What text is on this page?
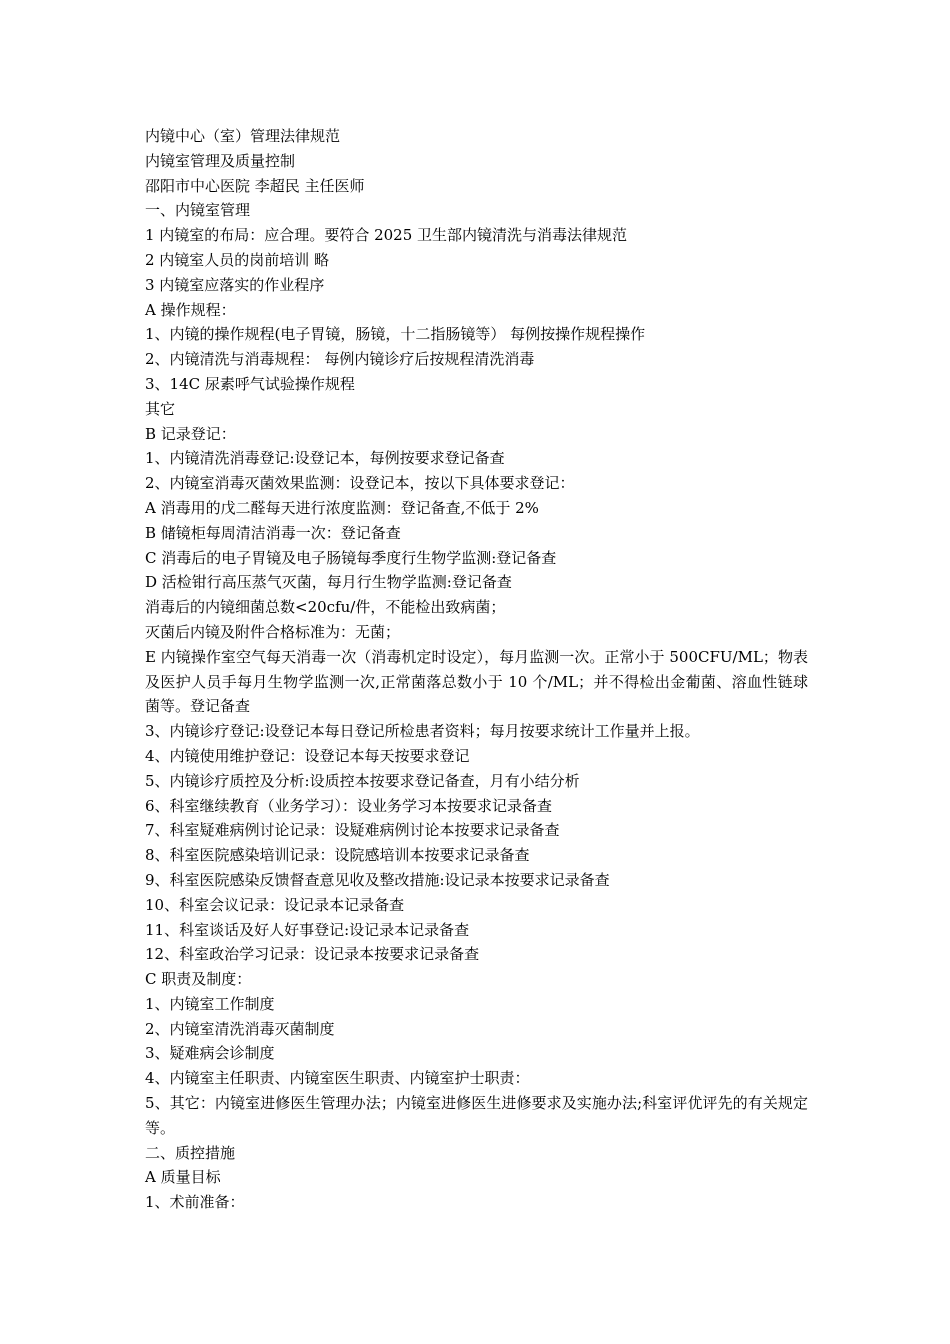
内镜中心（室）管理法律规范

内镜室管理及质量控制

邵阳市中心医院 李超民 主任医师

一、内镜室管理

1 内镜室的布局：应合理。要符合 2025 卫生部内镜清洗与消毒法律规范

2 内镜室人员的岗前培训 略

3 内镜室应落实的作业程序

A 操作规程：

1、内镜的操作规程(电子胃镜，肠镜，十二指肠镜等） 每例按操作规程操作

2、内镜清洗与消毒规程： 每例内镜诊疗后按规程清洗消毒

3、14C 尿素呼气试验操作规程

其它

B 记录登记：

1、内镜清洗消毒登记:设登记本，每例按要求登记备查

2、内镜室消毒灭菌效果监测：设登记本，按以下具体要求登记：

A 消毒用的戊二醛每天进行浓度监测：登记备查,不低于 2%

B 储镜柜每周清洁消毒一次：登记备查

C 消毒后的电子胃镜及电子肠镜每季度行生物学监测:登记备查

D 活检钳行高压蒸气灭菌，每月行生物学监测:登记备查

消毒后的内镜细菌总数<20cfu/件，不能检出致病菌；

灭菌后内镜及附件合格标准为：无菌；

E 内镜操作室空气每天消毒一次（消毒机定时设定），每月监测一次。正常小于 500CFU/ML；物表及医护人员手每月生物学监测一次,正常菌落总数小于 10 个/ML；并不得检出金葡菌、溶血性链球菌等。登记备查

3、内镜诊疗登记:设登记本每日登记所检患者资料；每月按要求统计工作量并上报。

4、内镜使用维护登记：设登记本每天按要求登记

5、内镜诊疗质控及分析:设质控本按要求登记备查，月有小结分析

6、科室继续教育（业务学习）：设业务学习本按要求记录备查

7、科室疑难病例讨论记录：设疑难病例讨论本按要求记录备查

8、科室医院感染培训记录：设院感培训本按要求记录备查

9、科室医院感染反馈督查意见收及整改措施:设记录本按要求记录备查

10、科室会议记录：设记录本记录备查

11、科室谈话及好人好事登记:设记录本记录备查

12、科室政治学习记录：设记录本按要求记录备查

C 职责及制度：

1、内镜室工作制度

2、内镜室清洗消毒灭菌制度

3、疑难病会诊制度

4、内镜室主任职责、内镜室医生职责、内镜室护士职责：

5、其它：内镜室进修医生管理办法；内镜室进修医生进修要求及实施办法;科室评优评先的有关规定等。

二、质控措施

A 质量目标

1、术前准备：
